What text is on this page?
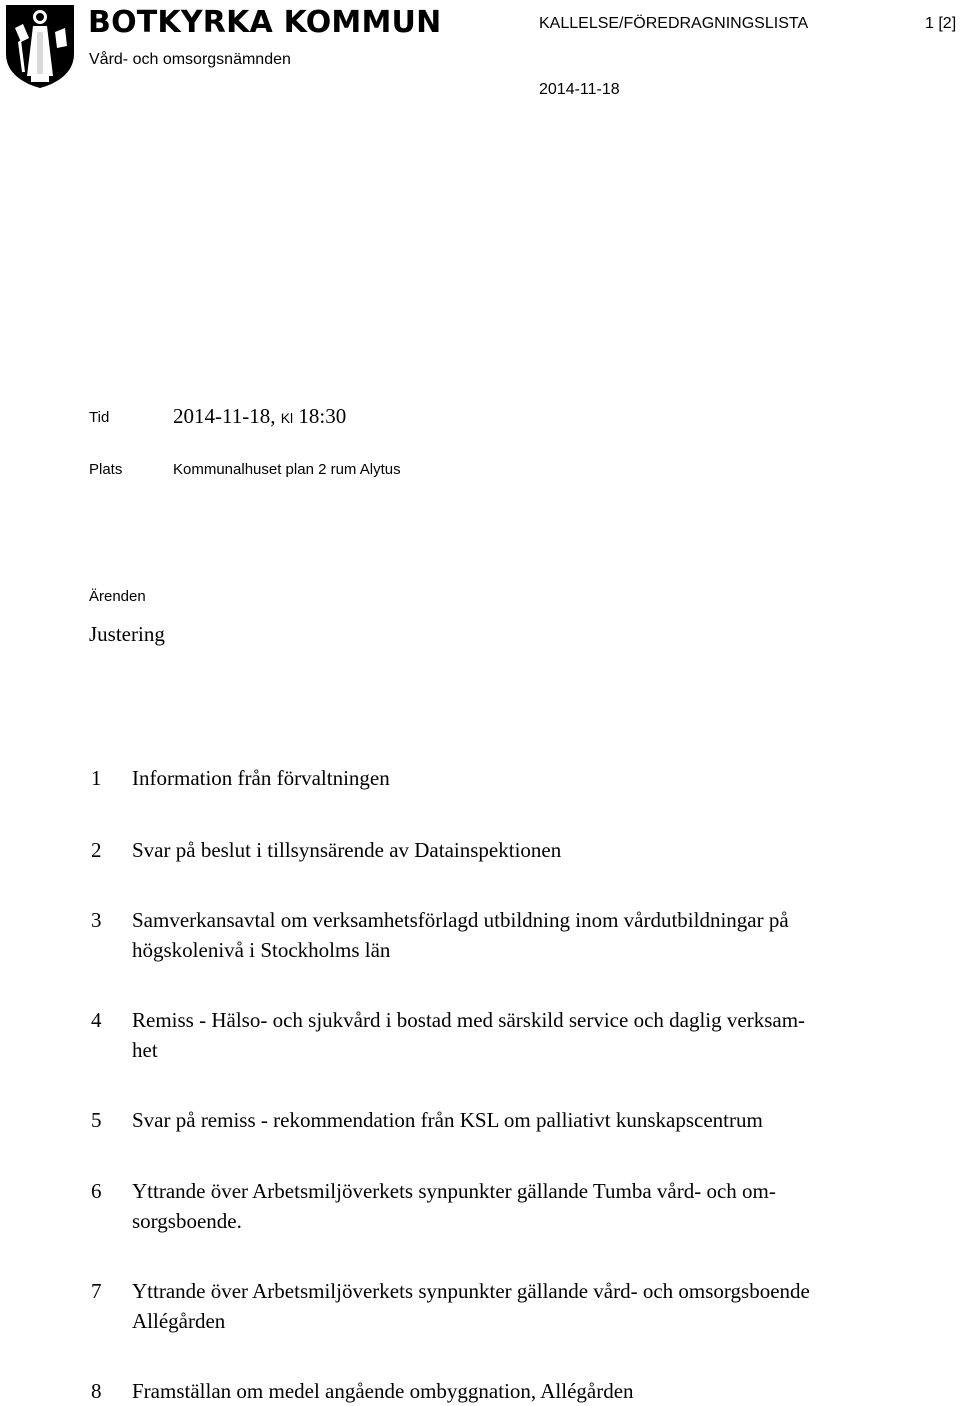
BOTKYRKA KOMMUN
Vård- och omsorgsnämnden
KALLELSE/FÖREDRAGNINGSLISTA	1 [2]
2014-11-18
Tid	2014-11-18, Kl 18:30
Plats	Kommunalhuset plan 2 rum Alytus
Ärenden
Justering
1 Information från förvaltningen
2 Svar på beslut i tillsynsärende av Datainspektionen
3 Samverkansavtal om verksamhetsförlagd utbildning inom vårdutbildningar på
högskolenivå i Stockholms län
4 Remiss - Hälso- och sjukvård i bostad med särskild service och daglig verksam-
het
5 Svar på remiss - rekommendation från KSL om palliativt kunskapscentrum
6 Yttrande över Arbetsmiljöverkets synpunkter gällande Tumba vård- och om-
sorgsboende.
7 Yttrande över Arbetsmiljöverkets synpunkter gällande vård- och omsorgsboende
Allégården
8 Framställan om medel angående ombyggnation, Allégården
